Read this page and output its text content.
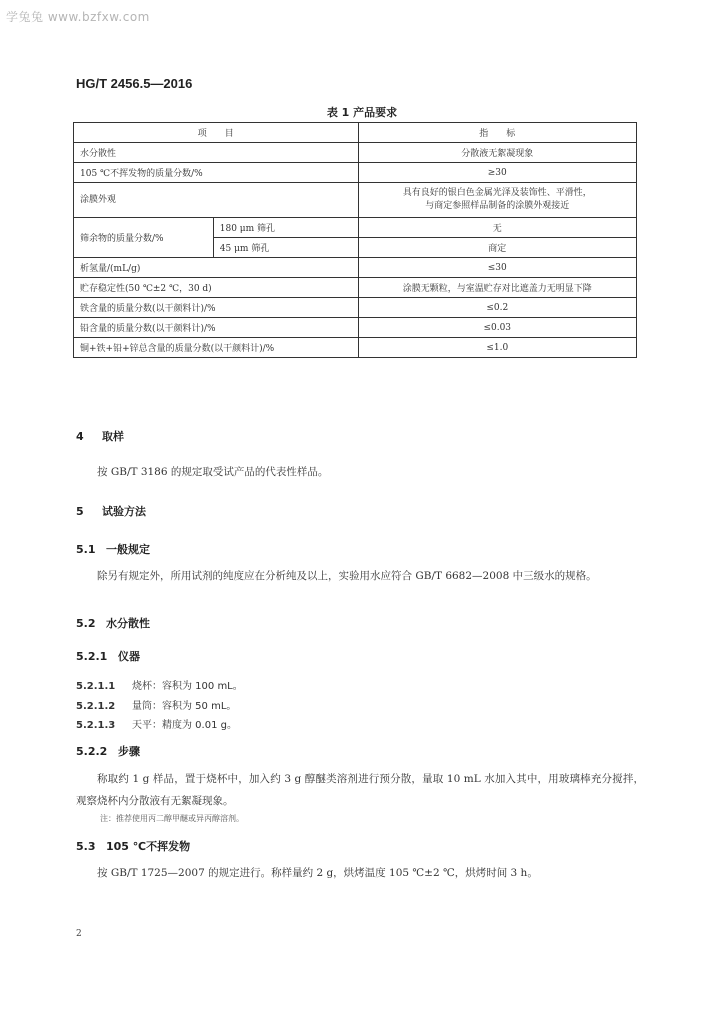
学兔兔 www.bzfxw.com
HG/T 2456.5—2016
表 1 产品要求
项　　目		指　　标
水分散性		分散液无絮凝现象
105 ℃不挥发物的质量分数/%		≥30
涂膜外观		具有良好的银白色金属光泽及装饰性、平滑性，
与商定参照样品制备的涂膜外观接近

筛余物的质量分数/%	180 μm 筛孔	无
	45 μm 筛孔	商定
析氢量/(mL/g)		≤30
贮存稳定性(50 ℃±2 ℃，30 d)		涂膜无颗粒，与室温贮存对比遮盖力无明显下降
铁含量的质量分数(以干颜料计)/%		≤0.2
铅含量的质量分数(以干颜料计)/%		≤0.03
铜+铁+铅+锌总含量的质量分数(以干颜料计)/%		≤1.0
4 取样
按 GB/T 3186 的规定取受试产品的代表性样品。
5 试验方法
5.1 一般规定
除另有规定外，所用试剂的纯度应在分析纯及以上，实验用水应符合 GB/T 6682—2008 中三级水的规格。
5.2 水分散性
5.2.1 仪器
5.2.1.1 烧杯：容积为 100 mL。
5.2.1.2 量筒：容积为 50 mL。
5.2.1.3 天平：精度为 0.01 g。
5.2.2 步骤
称取约 1 g 样品，置于烧杯中，加入约 3 g 醇醚类溶剂进行预分散，量取 10 mL 水加入其中，用玻璃棒充分搅拌，观察烧杯内分散液有无絮凝现象。
注：推荐使用丙二醇甲醚或异丙醇溶剂。
5.3 105 ℃不挥发物
按 GB/T 1725—2007 的规定进行。称样量约 2 g，烘烤温度 105 ℃±2 ℃，烘烤时间 3 h。
2
